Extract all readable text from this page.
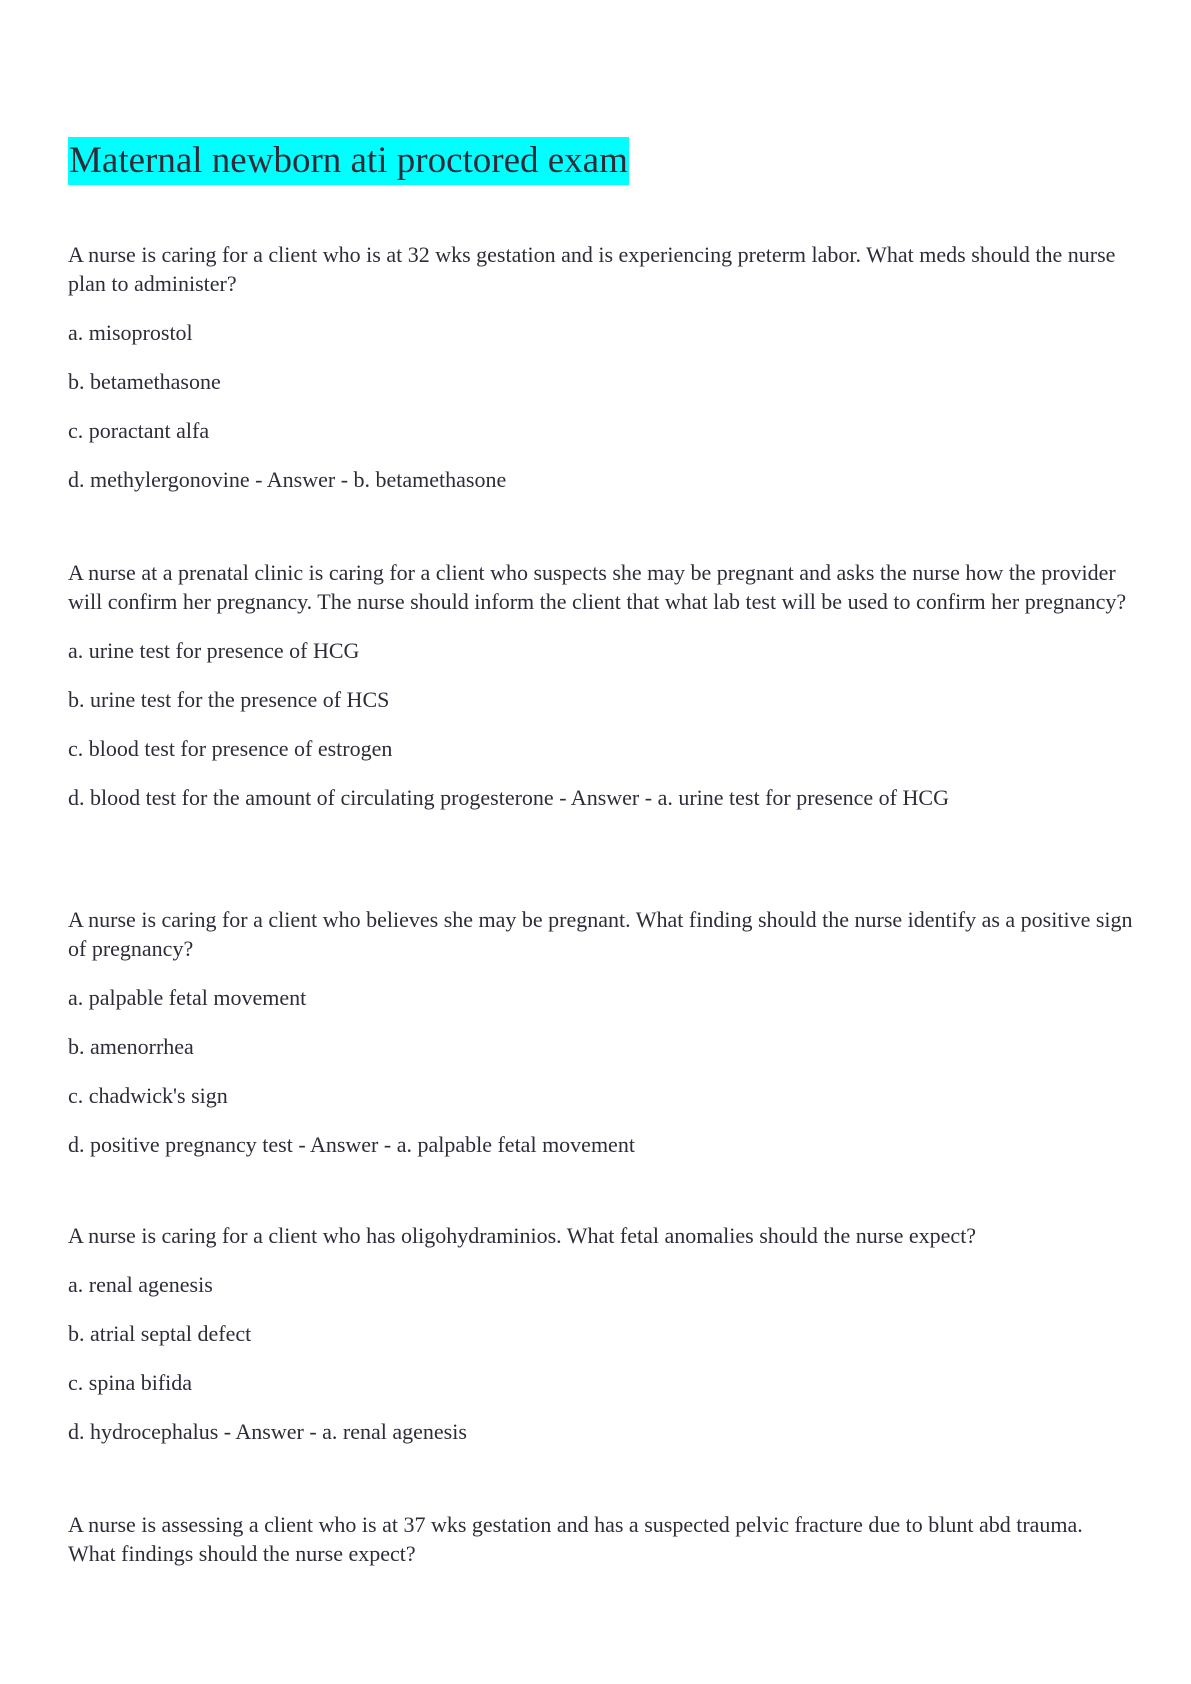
Maternal newborn ati proctored exam

A nurse is caring for a client who is at 32 wks gestation and is experiencing preterm labor. What meds should the nurse plan to administer?

a. misoprostol

b. betamethasone

c. poractant alfa

d. methylergonovine - Answer - b. betamethasone

A nurse at a prenatal clinic is caring for a client who suspects she may be pregnant and asks the nurse how the provider will confirm her pregnancy. The nurse should inform the client that what lab test will be used to confirm her pregnancy?

a. urine test for presence of HCG

b. urine test for the presence of HCS

c. blood test for presence of estrogen

d. blood test for the amount of circulating progesterone - Answer - a. urine test for presence of HCG

A nurse is caring for a client who believes she may be pregnant. What finding should the nurse identify as a positive sign of pregnancy?

a. palpable fetal movement

b. amenorrhea

c. chadwick's sign

d. positive pregnancy test - Answer - a. palpable fetal movement

A nurse is caring for a client who has oligohydraminios. What fetal anomalies should the nurse expect?

a. renal agenesis

b. atrial septal defect

c. spina bifida

d. hydrocephalus - Answer - a. renal agenesis

A nurse is assessing a client who is at 37 wks gestation and has a suspected pelvic fracture due to blunt abd trauma. What findings should the nurse expect?
